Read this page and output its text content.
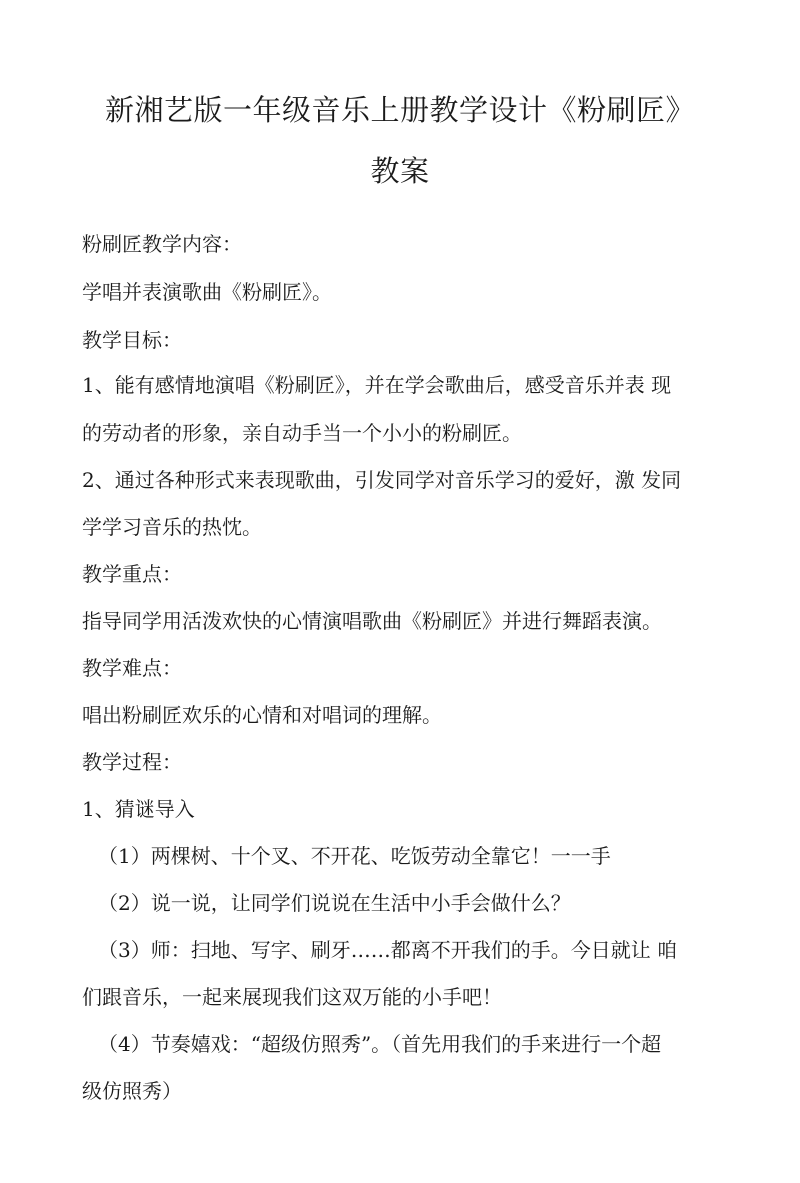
新湘艺版一年级音乐上册教学设计《粉刷匠》
教案
粉刷匠教学内容：
学唱并表演歌曲《粉刷匠》。
教学目标：
1、能有感情地演唱《粉刷匠》，并在学会歌曲后，感受音乐并表 现
的劳动者的形象，亲自动手当一个小小的粉刷匠。
2、通过各种形式来表现歌曲，引发同学对音乐学习的爱好，激 发同
学学习音乐的热忱。
教学重点：
指导同学用活泼欢快的心情演唱歌曲《粉刷匠》并进行舞蹈表演。
教学难点：
唱出粉刷匠欢乐的心情和对唱词的理解。
教学过程：
1、猜谜导入
（1）两棵树、十个叉、不开花、吃饭劳动全靠它！一一手
（2）说一说，让同学们说说在生活中小手会做什么？
（3）师：扫地、写字、刷牙……都离不开我们的手。今日就让 咱
们跟音乐，一起来展现我们这双万能的小手吧！
（4）节奏嬉戏：“超级仿照秀”。（首先用我们的手来进行一个超
级仿照秀）
